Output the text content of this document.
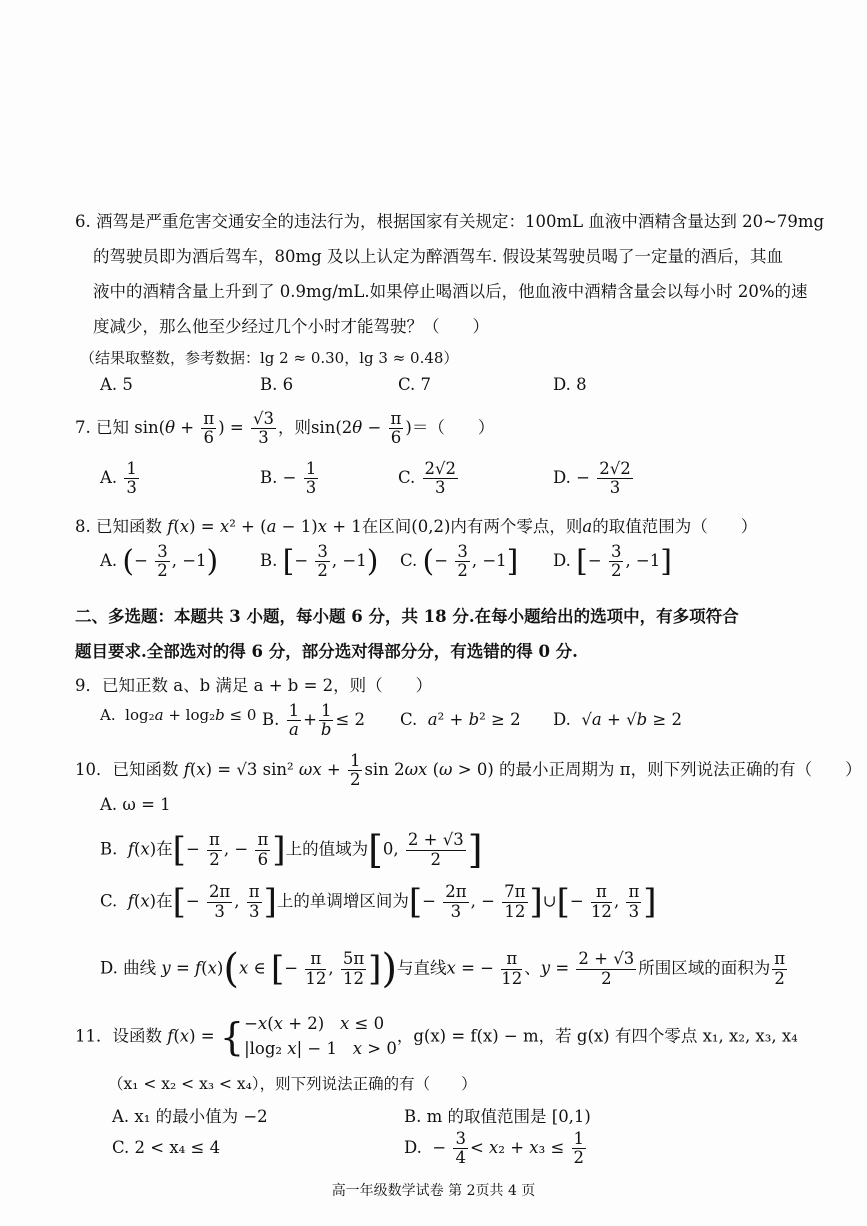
6. 酒驾是严重危害交通安全的违法行为，根据国家有关规定：100mL 血液中酒精含量达到 20~79mg
的驾驶员即为酒后驾车，80mg 及以上认定为醉酒驾车. 假设某驾驶员喝了一定量的酒后，其血
液中的酒精含量上升到了 0.9mg/mL.如果停止喝酒以后，他血液中酒精含量会以每小时 20%的速
度减少，那么他至少经过几个小时才能驾驶？（　　）
（结果取整数，参考数据：lg 2 ≈ 0.30，lg 3 ≈ 0.48）
A. 5	B. 6	C. 7	D. 8
7. 已知 $\sin(\theta + \frac{\pi}{6}$ ) = $\frac{√3}{3}$ ，则$\sin(2\theta - \frac{\pi}{6}$ )＝（　　）
A. $\frac{1}{3}$	B. − $\frac{1}{3}$	C. $\frac{2√2}{3}$	D. − $\frac{2√2}{3}$
8. 已知函数 f(x) = x² + (a − 1)x + 1在区间(0,2)内有两个零点，则a的取值范围为（　　）
A. (− $\frac{3}{2}$ , −1)	B. [− $\frac{3}{2}$ , −1) C. (− $\frac{3}{2}$ , −1] D. [− $\frac{3}{2}$ , −1]
二、多选题：本题共 3 小题，每小题 6 分，共 18 分.在每小题给出的选项中，有多项符合
题目要求.全部选对的得 6 分，部分选对得部分分，有选错的得 0 分.
9．已知正数 a、b 满足 a + b = 2，则（　　）
A.  log₂a + log₂b ≤ 0 B. $\frac{1}{a} + \frac{1}{b} \le 2$ C. a² + b² ≥ 2 D.  √a + √b ≥ 2
10．已知函数 f(x) = √3 sin² $\omega x + \frac{1}{2}$ sin 2ωx (ω > 0) 的最小正周期为 π，则下列说法正确的有（　　）
A. ω = 1
B. f(x)在[− $\frac{\pi}{2}$ , − $\frac{\pi}{6}$ ]上的值域为[0, $\frac{2 + √3}{2}$ ]
C. f(x)在[− $\frac{2\pi}{3}$ , $\frac{\pi}{3}$ ]上的单调增区间为[− $\frac{2\pi}{3}$ , − $\frac{7\pi}{12}$ ]∪[− $\frac{\pi}{12}$ , $\frac{\pi}{3}$ ]
D. 曲线 y = f(x)(x ∈ [− $\frac{\pi}{12}$ , $\frac{5\pi}{12}$ ])与直线x = − $\frac{\pi}{12}$ 、$y = \frac{2 + √3}{2}$ 所围区域的面积为 $\frac{\pi}{2}$
11．设函数 f(x) = { −x(x + 2)   x ≤ 0
|log₂ x| − 1   x > 0
，g(x) = f(x) − m，若 g(x) 有四个零点 x₁, x₂, x₃, x₄
（x₁ < x₂ < x₃ < x₄），则下列说法正确的有（　　）
A. x₁ 的最小值为 −2	B. m 的取值范围是 [0,1)
C. 2 < x₄ ≤ 4	D.  − $\frac{3}{4} < x_2 + x_3 \le \frac{1}{2}$
高一年级数学试卷 第 2页共 4 页
